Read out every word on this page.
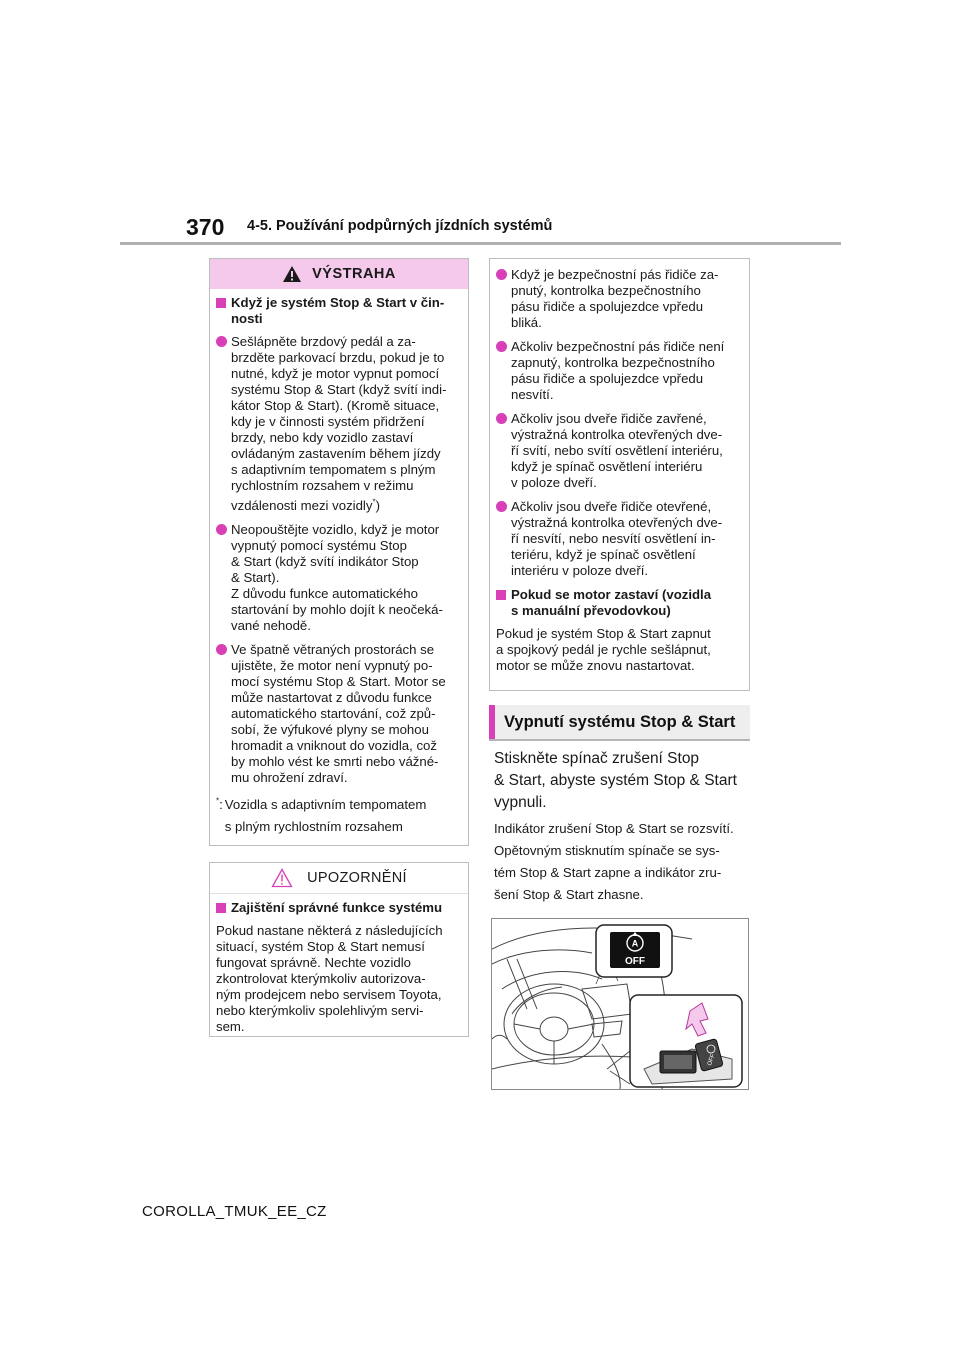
370 4-5. Používání podpůrných jízdních systémů
VÝSTRAHA
Když je systém Stop & Start v čin-
nosti
Sešlápněte brzdový pedál a za-
brzděte parkovací brzdu, pokud je to
nutné, když je motor vypnut pomocí
systému Stop & Start (když svítí indi-
kátor Stop & Start). (Kromě situace,
kdy je v činnosti systém přidržení
brzdy, nebo kdy vozidlo zastaví
ovládaným zastavením během jízdy
s adaptivním tempomatem s plným
rychlostním rozsahem v režimu
vzdálenosti mezi vozidly*)
Neopouštějte vozidlo, když je motor
vypnutý pomocí systému Stop
& Start (když svítí indikátor Stop
& Start).
Z důvodu funkce automatického
startování by mohlo dojít k neočeká-
vané nehodě.
Ve špatně větraných prostorách se
ujistěte, že motor není vypnutý po-
mocí systému Stop & Start. Motor se
může nastartovat z důvodu funkce
automatického startování, což způ-
sobí, že výfukové plyny se mohou
hromadit a vniknout do vozidla, což
by mohlo vést ke smrti nebo vážné-
mu ohrožení zdraví.
*: Vozidla s adaptivním tempomatem
s plným rychlostním rozsahem
UPOZORNĚNÍ
Zajištění správné funkce systému
Pokud nastane některá z následujících
situací, systém Stop & Start nemusí
fungovat správně. Nechte vozidlo
zkontrolovat kterýmkoliv autorizova-
ným prodejcem nebo servisem Toyota,
nebo kterýmkoliv spolehlivým servi-
sem.
Když je bezpečnostní pás řidiče za-
pnutý, kontrolka bezpečnostního
pásu řidiče a spolujezdce vpředu
bliká.
Ačkoliv bezpečnostní pás řidiče není
zapnutý, kontrolka bezpečnostního
pásu řidiče a spolujezdce vpředu
nesvítí.
Ačkoliv jsou dveře řidiče zavřené,
výstražná kontrolka otevřených dve-
ří svítí, nebo svítí osvětlení interiéru,
když je spínač osvětlení interiéru
v poloze dveří.
Ačkoliv jsou dveře řidiče otevřené,
výstražná kontrolka otevřených dve-
ří nesvítí, nebo nesvítí osvětlení in-
teriéru, když je spínač osvětlení
interiéru v poloze dveří.
Pokud se motor zastaví (vozidla
s manuální převodovkou)
Pokud je systém Stop & Start zapnut
a spojkový pedál je rychle sešlápnut,
motor se může znovu nastartovat.
Vypnutí systému Stop & Start
Stiskněte spínač zrušení Stop
& Start, abyste systém Stop & Start
vypnuli.
Indikátor zrušení Stop & Start se rozsvítí.
Opětovným stisknutím spínače se sys-
tém Stop & Start zapne a indikátor zru-
šení Stop & Start zhasne.
A
OFF
OFF
COROLLA_TMUK_EE_CZ
